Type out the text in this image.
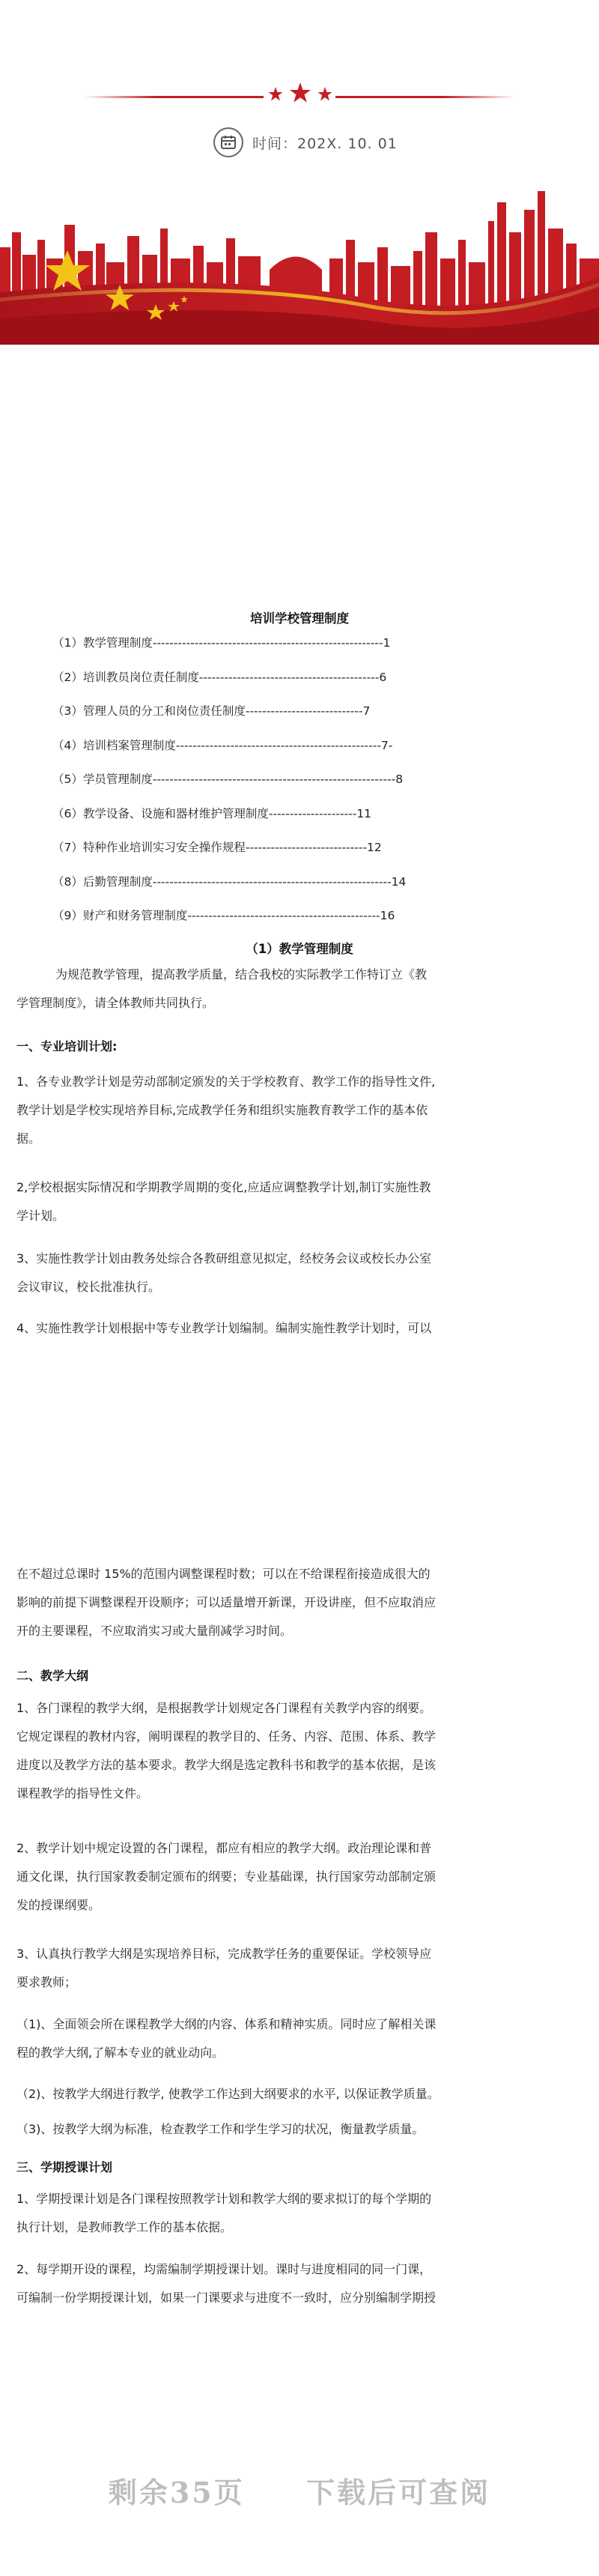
时间：202X. 10. 01
培训学校管理制度
（1）教学管理制度-------------------------------------------------------1
（2）培训教员岗位责任制度-------------------------------------------6
（3）管理人员的分工和岗位责任制度----------------------------7
（4）培训档案管理制度-------------------------------------------------7-
（5）学员管理制度----------------------------------------------------------8
（6）教学设备、设施和器材维护管理制度---------------------11
（7）特种作业培训实习安全操作规程-----------------------------12
（8）后勤管理制度---------------------------------------------------------14
（9）财产和财务管理制度----------------------------------------------16
（1）教学管理制度
为规范教学管理，提高教学质量，结合我校的实际教学工作特订立《教
学管理制度》，请全体教师共同执行。
一、专业培训计划:
1、各专业教学计划是劳动部制定颁发的关于学校教育、教学工作的指导性文件,
教学计划是学校实现培养目标,完成教学任务和组织实施教育教学工作的基本依
据。
2,学校根据实际情况和学期教学周期的变化,应适应调整教学计划,制订实施性教
学计划。
3、实施性教学计划由教务处综合各教研组意见拟定，经校务会议或校长办公室
会议审议，校长批准执行。
4、实施性教学计划根据中等专业教学计划编制。编制实施性教学计划时，可以
在不超过总课时 15%的范围内调整课程时数；可以在不给课程衔接造成很大的
影响的前提下调整课程开设顺序；可以适量增开新课，开设讲座，但不应取消应
开的主要课程，不应取消实习或大量削减学习时间。
二、教学大纲
1、各门课程的教学大纲，是根据教学计划规定各门课程有关教学内容的纲要。
它规定课程的教材内容，阐明课程的教学目的、任务、内容、范围、体系、教学
进度以及教学方法的基本要求。教学大纲是选定教科书和教学的基本依据，是该
课程教学的指导性文件。
2、教学计划中规定设置的各门课程，都应有相应的教学大纲。政治理论课和普
通文化课，执行国家教委制定颁布的纲要；专业基础课，执行国家劳动部制定颁
发的授课纲要。
3、认真执行教学大纲是实现培养目标，完成教学任务的重要保证。学校领导应
要求教师；
（1)、全面领会所在课程教学大纲的内容、体系和精神实质。同时应了解相关课
程的教学大纲,了解本专业的就业动向。
（2)、按教学大纲进行教学, 使教学工作达到大纲要求的水平, 以保证教学质量。
（3)、按教学大纲为标准，检查教学工作和学生学习的状况，衡量教学质量。
三、学期授课计划
1、学期授课计划是各门课程按照教学计划和教学大纲的要求拟订的每个学期的
执行计划，是教师教学工作的基本依据。
2、每学期开设的课程，均需编制学期授课计划。课时与进度相同的同一门课，
可编制一份学期授课计划，如果一门课要求与进度不一致时，应分别编制学期授
剩余35页 下载后可查阅
